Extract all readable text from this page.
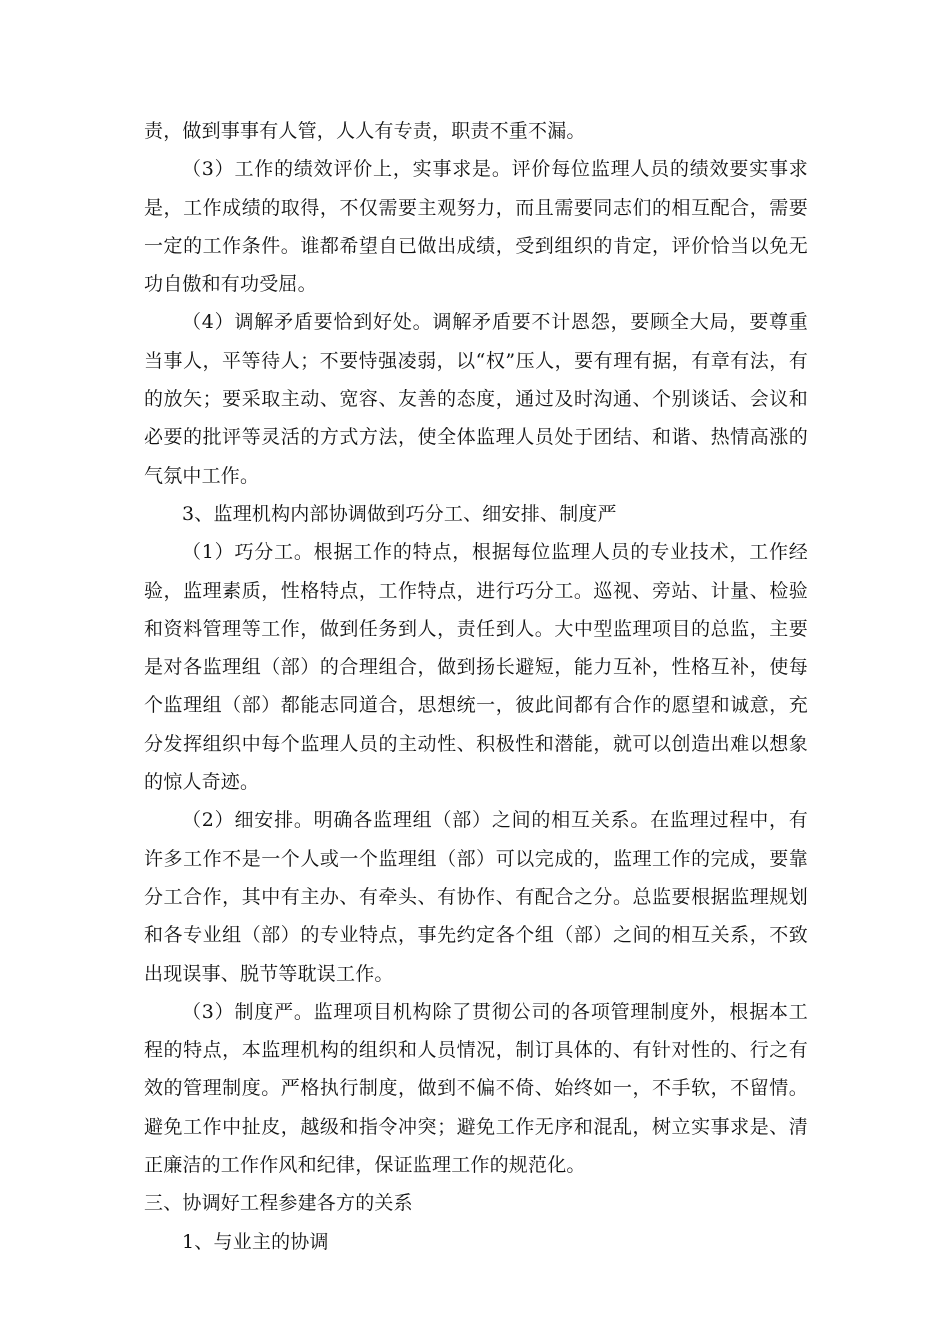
责，做到事事有人管，人人有专责，职责不重不漏。

（3）工作的绩效评价上，实事求是。评价每位监理人员的绩效要实事求是，工作成绩的取得，不仅需要主观努力，而且需要同志们的相互配合，需要一定的工作条件。谁都希望自已做出成绩，受到组织的肯定，评价恰当以免无功自傲和有功受屈。

（4）调解矛盾要恰到好处。调解矛盾要不计恩怨，要顾全大局，要尊重当事人，平等待人；不要恃强凌弱，以“权”压人，要有理有据，有章有法，有的放矢；要采取主动、宽容、友善的态度，通过及时沟通、个别谈话、会议和必要的批评等灵活的方式方法，使全体监理人员处于团结、和谐、热情高涨的气氛中工作。

3、监理机构内部协调做到巧分工、细安排、制度严

（1）巧分工。根据工作的特点，根据每位监理人员的专业技术，工作经验，监理素质，性格特点，工作特点，进行巧分工。巡视、旁站、计量、检验和资料管理等工作，做到任务到人，责任到人。大中型监理项目的总监，主要是对各监理组（部）的合理组合，做到扬长避短，能力互补，性格互补，使每个监理组（部）都能志同道合，思想统一，彼此间都有合作的愿望和诚意，充分发挥组织中每个监理人员的主动性、积极性和潜能，就可以创造出难以想象的惊人奇迹。

（2）细安排。明确各监理组（部）之间的相互关系。在监理过程中，有许多工作不是一个人或一个监理组（部）可以完成的，监理工作的完成，要靠分工合作，其中有主办、有牵头、有协作、有配合之分。总监要根据监理规划和各专业组（部）的专业特点，事先约定各个组（部）之间的相互关系，不致出现误事、脱节等耽误工作。

（3）制度严。监理项目机构除了贯彻公司的各项管理制度外，根据本工程的特点，本监理机构的组织和人员情况，制订具体的、有针对性的、行之有效的管理制度。严格执行制度，做到不偏不倚、始终如一，不手软，不留情。避免工作中扯皮，越级和指令冲突；避免工作无序和混乱，树立实事求是、清正廉洁的工作作风和纪律，保证监理工作的规范化。

三、协调好工程参建各方的关系

1、与业主的协调
